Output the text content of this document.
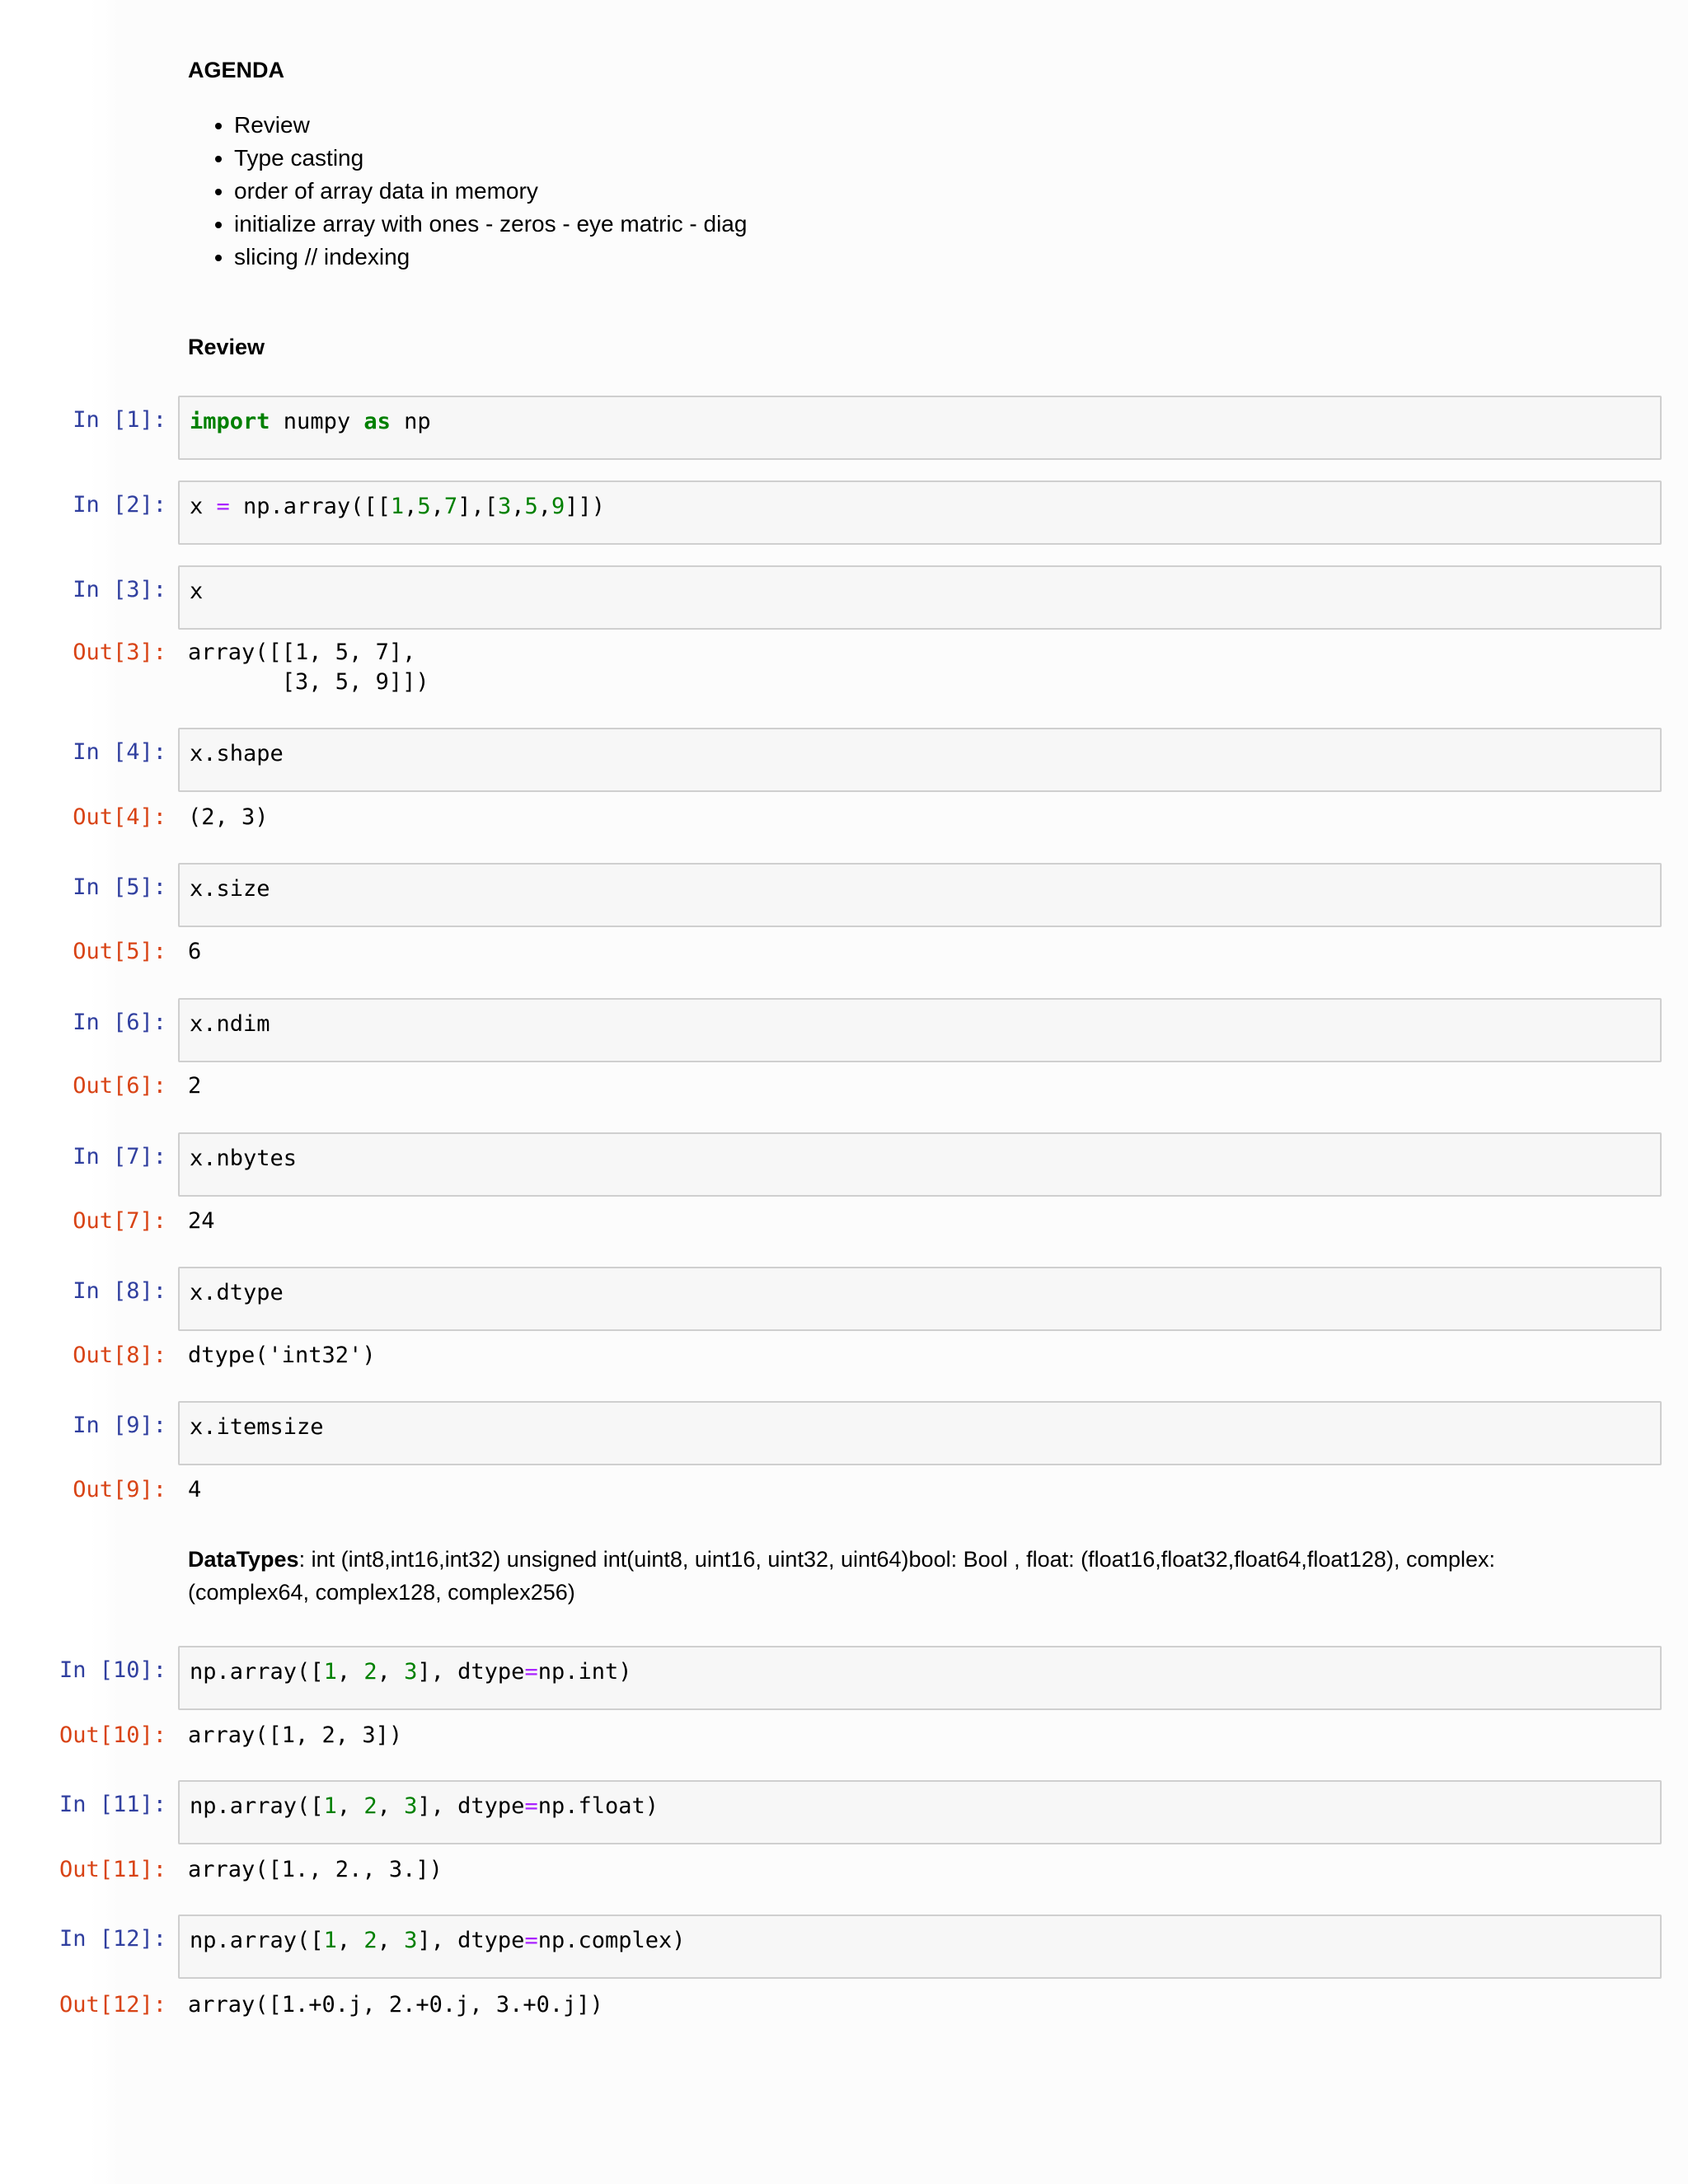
AGENDA
• Review
• Type casting
• order of array data in memory
• initialize array with ones - zeros - eye matric - diag
• slicing // indexing
Review
In [1]: import numpy as np
In [2]: x = np.array([[1,5,7],[3,5,9]])
In [3]: x
Out[3]: array([[1, 5, 7],
[3, 5, 9]])
In [4]: x.shape
Out[4]: (2, 3)
In [5]: x.size
Out[5]: 6
In [6]: x.ndim
Out[6]: 2
In [7]: x.nbytes
Out[7]: 24
In [8]: x.dtype
Out[8]: dtype('int32')
In [9]: x.itemsize
Out[9]: 4
DataTypes: int (int8,int16,int32) unsigned int(uint8, uint16, uint32, uint64)bool: Bool , float: (float16,float32,float64,float128), complex: (complex64, complex128, complex256)
In [10]: np.array([1, 2, 3], dtype=np.int)
Out[10]: array([1, 2, 3])
In [11]: np.array([1, 2, 3], dtype=np.float)
Out[11]: array([1., 2., 3.])
In [12]: np.array([1, 2, 3], dtype=np.complex)
Out[12]: array([1.+0.j, 2.+0.j, 3.+0.j])
